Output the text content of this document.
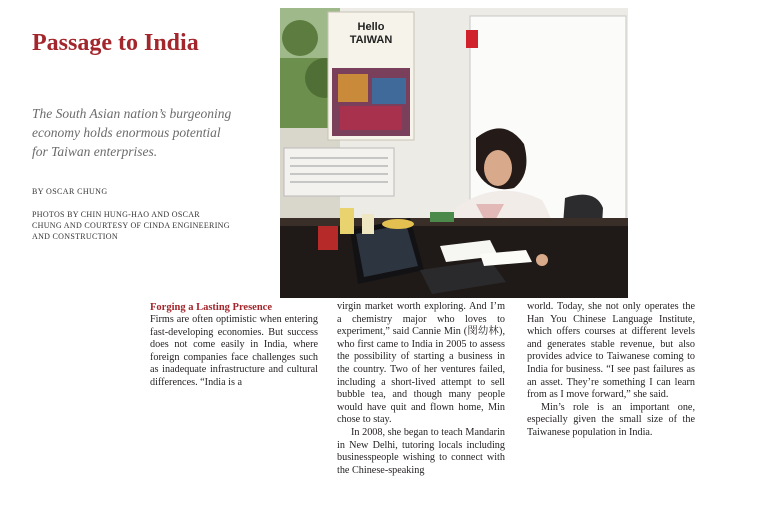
Passage to India

The South Asian nation’s burgeoning economy holds enormous potential for Taiwan enterprises.

BY OSCAR CHUNG

PHOTOS BY CHIN HUNG-HAO AND OSCAR CHUNG AND COURTESY OF CINDA ENGINEERING AND CONSTRUCTION

Hello
TAIWAN

Forging a Lasting Presence

Firms are often optimistic when entering fast-developing economies. But success does not come easily in India, where foreign companies face challenges such as inadequate infrastructure and cultural differences. “India is a

virgin market worth exploring. And I’m a chemistry major who loves to experiment,” said Cannie Min (閔幼林), who first came to India in 2005 to assess the possibility of starting a business in the country. Two of her ventures failed, including a short-lived attempt to sell bubble tea, and though many people would have quit and flown home, Min chose to stay.

In 2008, she began to teach Mandarin in New Delhi, tutoring locals including businesspeople wishing to connect with the Chinese-speaking

world. Today, she not only operates the Han You Chinese Language Institute, which offers courses at different levels and generates stable revenue, but also provides advice to Taiwanese coming to India for business. “I see past failures as an asset. They’re something I can learn from as I move forward,” she said.

Min’s role is an important one, especially given the small size of the Taiwanese population in India.
